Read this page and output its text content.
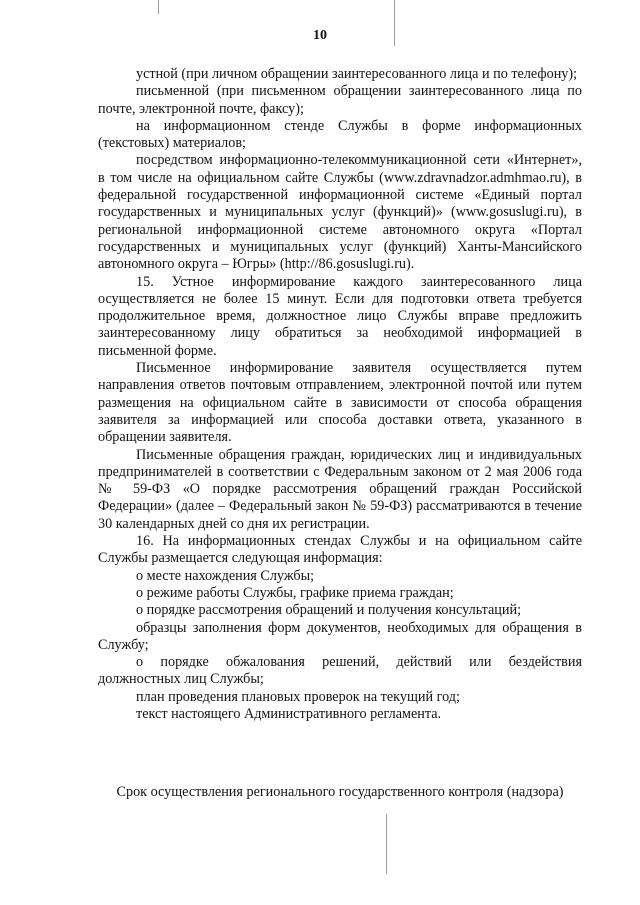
10

устной (при личном обращении заинтересованного лица и по телефону);

письменной (при письменном обращении заинтересованного лица по почте, электронной почте, факсу);

на информационном стенде Службы в форме информационных (текстовых) материалов;

посредством информационно-телекоммуникационной сети «Интернет», в том числе на официальном сайте Службы (www.zdravnadzor.admhmao.ru), в федеральной государственной информационной системе «Единый портал государственных и муниципальных услуг (функций)» (www.gosuslugi.ru), в региональной информационной системе автономного округа «Портал государственных и муниципальных услуг (функций) Ханты-Мансийского автономного округа – Югры» (http://86.gosuslugi.ru).

15. Устное информирование каждого заинтересованного лица осуществляется не более 15 минут. Если для подготовки ответа требуется продолжительное время, должностное лицо Службы вправе предложить заинтересованному лицу обратиться за необходимой информацией в письменной форме.

Письменное информирование заявителя осуществляется путем направления ответов почтовым отправлением, электронной почтой или путем размещения на официальном сайте в зависимости от способа обращения заявителя за информацией или способа доставки ответа, указанного в обращении заявителя.

Письменные обращения граждан, юридических лиц и индивидуальных предпринимателей в соответствии с Федеральным законом от 2 мая 2006 года № 59-ФЗ «О порядке рассмотрения обращений граждан Российской Федерации» (далее – Федеральный закон № 59-ФЗ) рассматриваются в течение 30 календарных дней со дня их регистрации.

16. На информационных стендах Службы и на официальном сайте Службы размещается следующая информация:

о месте нахождения Службы;

о режиме работы Службы, графике приема граждан;

о порядке рассмотрения обращений и получения консультаций;

образцы заполнения форм документов, необходимых для обращения в Службу;

о порядке обжалования решений, действий или бездействия должностных лиц Службы;

план проведения плановых проверок на текущий год;

текст настоящего Административного регламента.

Срок осуществления регионального государственного контроля (надзора)
